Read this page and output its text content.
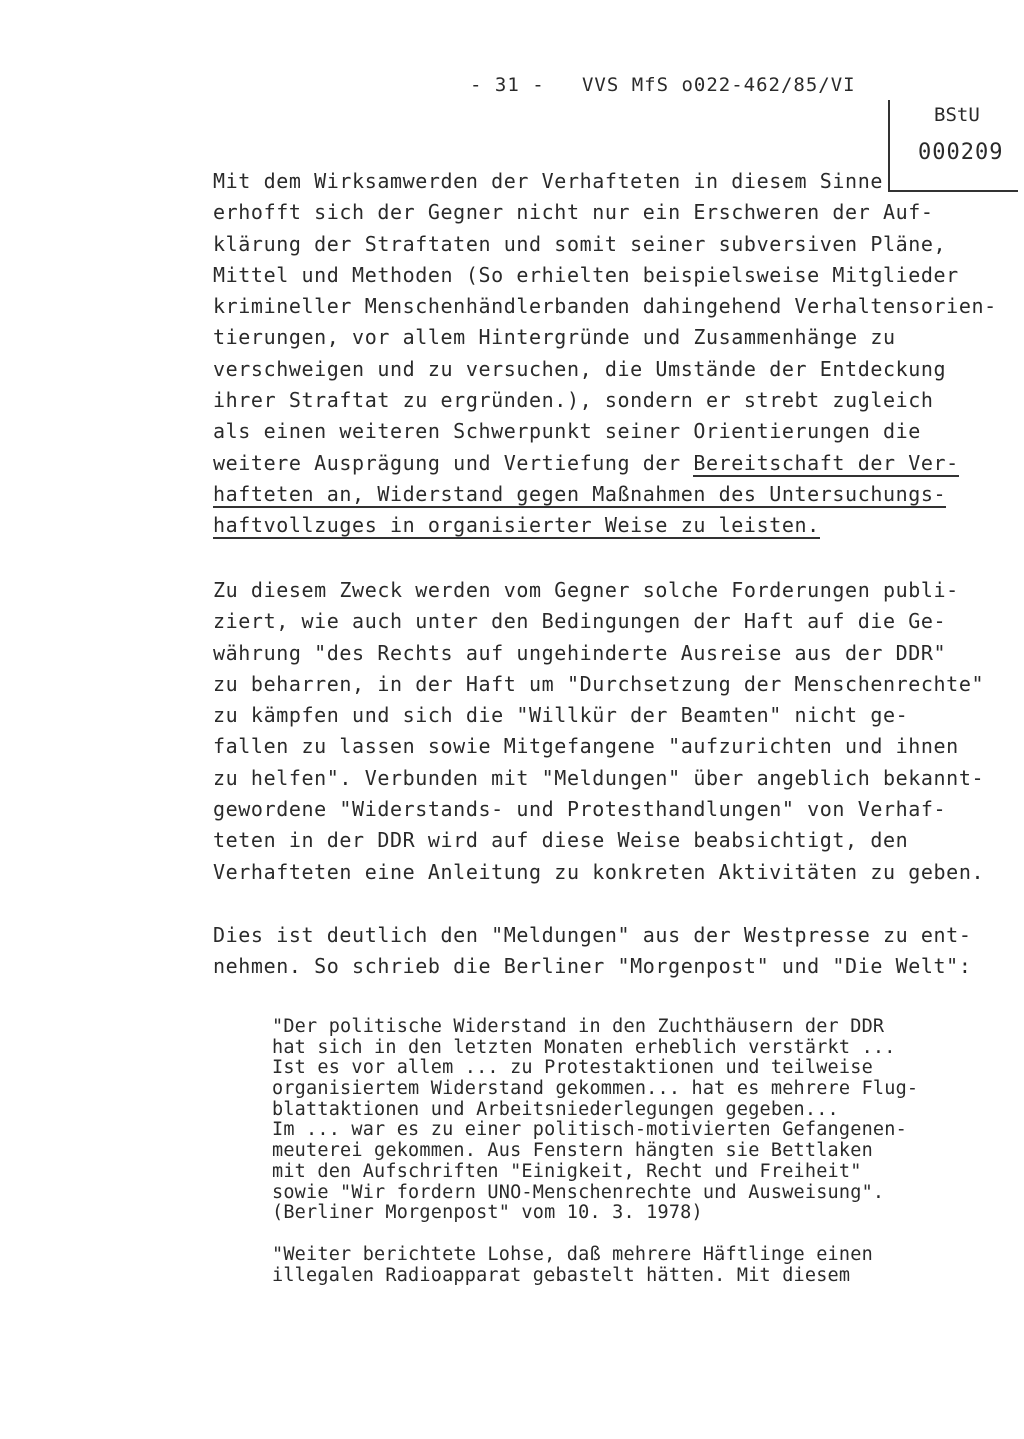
- 31 -   VVS MfS o022-462/85/VI
BStU
000209
Mit dem Wirksamwerden der Verhafteten in diesem Sinne
erhofft sich der Gegner nicht nur ein Erschweren der Auf-
klärung der Straftaten und somit seiner subversiven Pläne,
Mittel und Methoden (So erhielten beispielsweise Mitglieder
krimineller Menschenhändlerbanden dahingehend Verhaltensorien-
tierungen, vor allem Hintergründe und Zusammenhänge zu
verschweigen und zu versuchen, die Umstände der Entdeckung
ihrer Straftat zu ergründen.), sondern er strebt zugleich
als einen weiteren Schwerpunkt seiner Orientierungen die
weitere Ausprägung und Vertiefung der Bereitschaft der Ver-
hafteten an, Widerstand gegen Maßnahmen des Untersuchungs-
haftvollzuges in organisierter Weise zu leisten.
Zu diesem Zweck werden vom Gegner solche Forderungen publi-
ziert, wie auch unter den Bedingungen der Haft auf die Ge-
währung "des Rechts auf ungehinderte Ausreise aus der DDR"
zu beharren, in der Haft um "Durchsetzung der Menschenrechte"
zu kämpfen und sich die "Willkür der Beamten" nicht ge-
fallen zu lassen sowie Mitgefangene "aufzurichten und ihnen
zu helfen". Verbunden mit "Meldungen" über angeblich bekannt-
gewordene "Widerstands- und Protesthandlungen" von Verhaf-
teten in der DDR wird auf diese Weise beabsichtigt, den
Verhafteten eine Anleitung zu konkreten Aktivitäten zu geben.
Dies ist deutlich den "Meldungen" aus der Westpresse zu ent-
nehmen. So schrieb die Berliner "Morgenpost" und "Die Welt":
"Der politische Widerstand in den Zuchthäusern der DDR
hat sich in den letzten Monaten erheblich verstärkt ...
Ist es vor allem ... zu Protestaktionen und teilweise
organisiertem Widerstand gekommen... hat es mehrere Flug-
blattaktionen und Arbeitsniederlegungen gegeben...
Im ... war es zu einer politisch-motivierten Gefangenen-
meuterei gekommen. Aus Fenstern hängten sie Bettlaken
mit den Aufschriften "Einigkeit, Recht und Freiheit"
sowie "Wir fordern UNO-Menschenrechte und Ausweisung".
(Berliner Morgenpost" vom 10. 3. 1978)
"Weiter berichtete Lohse, daß mehrere Häftlinge einen
illegalen Radioapparat gebastelt hätten. Mit diesem
